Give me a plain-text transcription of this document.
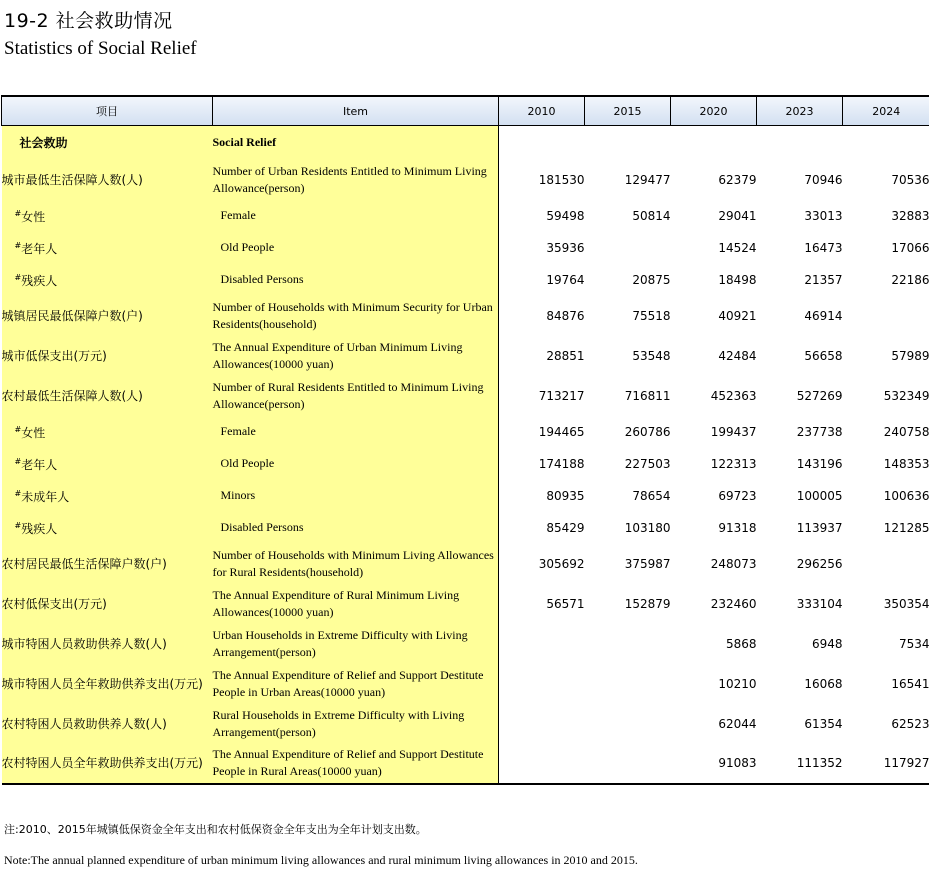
19-2 社会救助情况
Statistics of Social Relief
项目	Item	2010	2015	2020	2023	2024
社会救助	Social Relief					
城市最低生活保障人数(人)	Number of Urban Residents Entitled to Minimum Living Allowance(person)	181530	129477	62379	70946	70536
#女性	Female	59498	50814	29041	33013	32883
#老年人	Old People	35936		14524	16473	17066
#残疾人	Disabled Persons	19764	20875	18498	21357	22186
城镇居民最低保障户数(户)	Number of Households with Minimum Security for Urban Residents(household)	84876	75518	40921	46914	
城市低保支出(万元)	The Annual Expenditure of Urban Minimum Living Allowances(10000 yuan)	28851	53548	42484	56658	57989
农村最低生活保障人数(人)	Number of Rural Residents Entitled to Minimum Living Allowance(person)	713217	716811	452363	527269	532349
#女性	Female	194465	260786	199437	237738	240758
#老年人	Old People	174188	227503	122313	143196	148353
#未成年人	Minors	80935	78654	69723	100005	100636
#残疾人	Disabled Persons	85429	103180	91318	113937	121285
农村居民最低生活保障户数(户)	Number of Households with Minimum Living Allowances for Rural Residents(household)	305692	375987	248073	296256	
农村低保支出(万元)	The Annual Expenditure of Rural Minimum Living Allowances(10000 yuan)	56571	152879	232460	333104	350354
城市特困人员救助供养人数(人)	Urban Households in Extreme Difficulty with Living Arrangement(person)			5868	6948	7534
城市特困人员全年救助供养支出(万元)	The Annual Expenditure of Relief and Support Destitute People in Urban Areas(10000 yuan)			10210	16068	16541
农村特困人员救助供养人数(人)	Rural Households in Extreme Difficulty with Living Arrangement(person)			62044	61354	62523
农村特困人员全年救助供养支出(万元)	The Annual Expenditure of Relief and Support Destitute People in Rural Areas(10000 yuan)			91083	111352	117927
注:2010、2015年城镇低保资金全年支出和农村低保资金全年支出为全年计划支出数。
Note:The annual planned expenditure of urban minimum living allowances and rural minimum living allowances in 2010 and 2015.
